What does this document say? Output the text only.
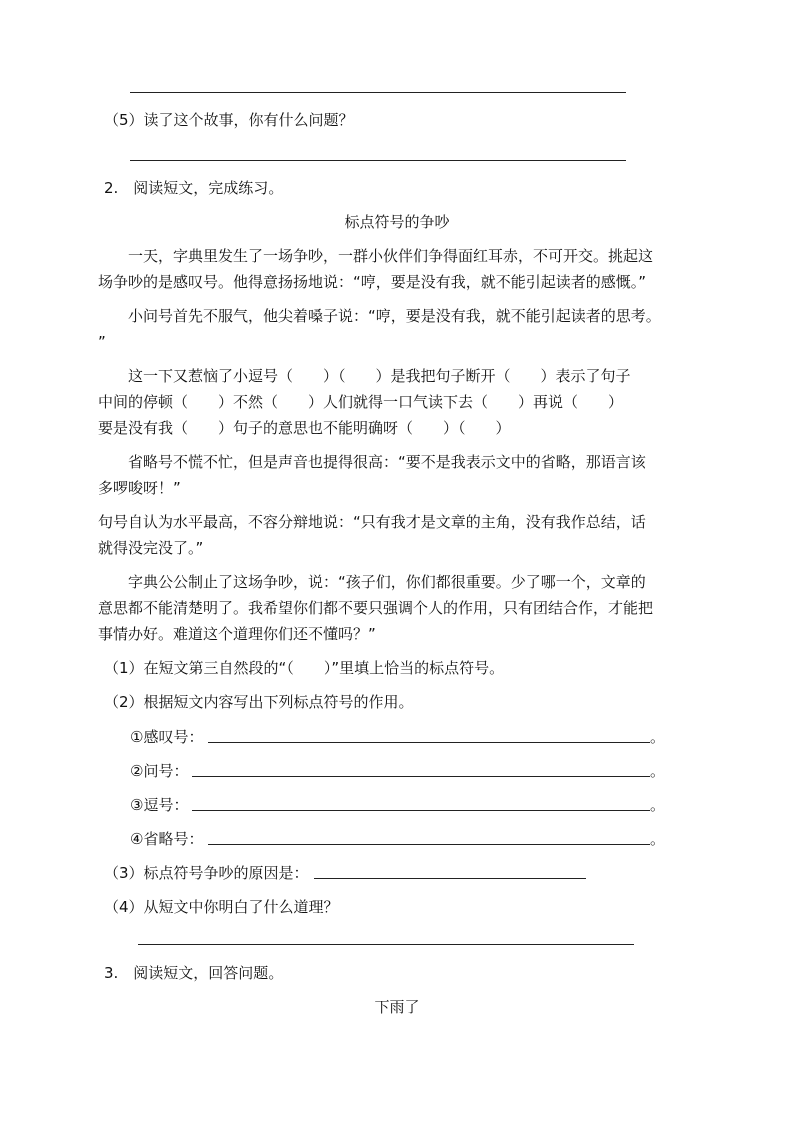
（5）读了这个故事，你有什么问题？
2.　阅读短文，完成练习。
标点符号的争吵
一天，字典里发生了一场争吵，一群小伙伴们争得面红耳赤，不可开交。挑起这
场争吵的是感叹号。他得意扬扬地说：“哼，要是没有我，就不能引起读者的感慨。”
小问号首先不服气，他尖着嗓子说：“哼，要是没有我，就不能引起读者的思考。
”
这一下又惹恼了小逗号（　　）（　　）是我把句子断开（　　）表示了句子
中间的停顿（　　）不然（　　）人们就得一口气读下去（　　）再说（　　）
要是没有我（　　）句子的意思也不能明确呀（　　）（　　）
省略号不慌不忙，但是声音也提得很高：“要不是我表示文中的省略，那语言该
多啰唆呀！”
句号自认为水平最高，不容分辩地说：“只有我才是文章的主角，没有我作总结，话
就得没完没了。”
字典公公制止了这场争吵，说：“孩子们，你们都很重要。少了哪一个，文章的
意思都不能清楚明了。我希望你们都不要只强调个人的作用，只有团结合作，才能把
事情办好。难道这个道理你们还不懂吗？”
（1）在短文第三自然段的“（　　）”里填上恰当的标点符号。
（2）根据短文内容写出下列标点符号的作用。
①感叹号：	。
②问号：	。
③逗号：	。
④省略号：	。
（3）标点符号争吵的原因是：
（4）从短文中你明白了什么道理？
3.　阅读短文，回答问题。
下雨了
